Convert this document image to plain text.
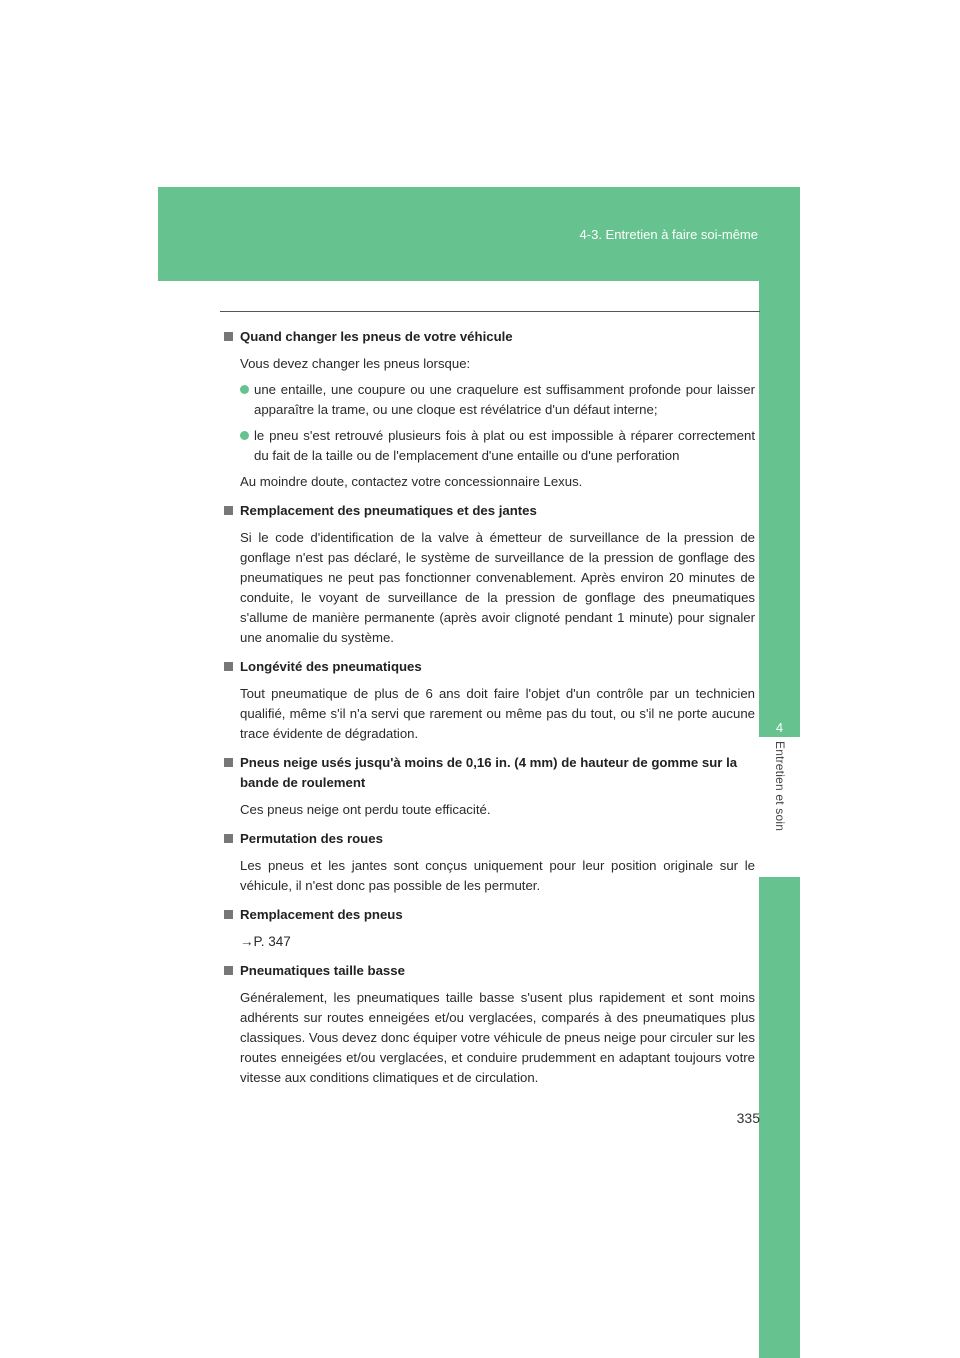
4-3. Entretien à faire soi-même
4
Entretien et soin
Quand changer les pneus de votre véhicule
Vous devez changer les pneus lorsque:
une entaille, une coupure ou une craquelure est suffisamment profonde pour laisser apparaître la trame, ou une cloque est révélatrice d'un défaut interne;
le pneu s'est retrouvé plusieurs fois à plat ou est impossible à réparer correctement du fait de la taille ou de l'emplacement d'une entaille ou d'une perforation
Au moindre doute, contactez votre concessionnaire Lexus.
Remplacement des pneumatiques et des jantes
Si le code d'identification de la valve à émetteur de surveillance de la pression de gonflage n'est pas déclaré, le système de surveillance de la pression de gonflage des pneumatiques ne peut pas fonctionner convenablement. Après environ 20 minutes de conduite, le voyant de surveillance de la pression de gonflage des pneumatiques s'allume de manière permanente (après avoir clignoté pendant 1 minute) pour signaler une anomalie du système.
Longévité des pneumatiques
Tout pneumatique de plus de 6 ans doit faire l'objet d'un contrôle par un technicien qualifié, même s'il n'a servi que rarement ou même pas du tout, ou s'il ne porte aucune trace évidente de dégradation.
Pneus neige usés jusqu'à moins de 0,16 in. (4 mm) de hauteur de gomme sur la bande de roulement
Ces pneus neige ont perdu toute efficacité.
Permutation des roues
Les pneus et les jantes sont conçus uniquement pour leur position originale sur le véhicule, il n'est donc pas possible de les permuter.
Remplacement des pneus
→P. 347
Pneumatiques taille basse
Généralement, les pneumatiques taille basse s'usent plus rapidement et sont moins adhérents sur routes enneigées et/ou verglacées, comparés à des pneumatiques plus classiques. Vous devez donc équiper votre véhicule de pneus neige pour circuler sur les routes enneigées et/ou verglacées, et conduire prudemment en adaptant toujours votre vitesse aux conditions climatiques et de circulation.
335
